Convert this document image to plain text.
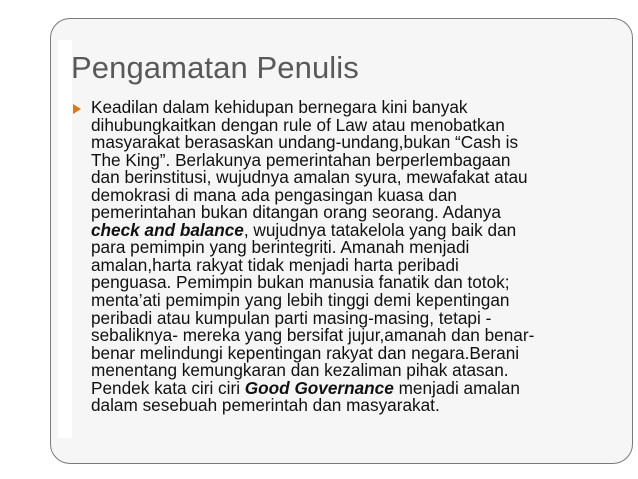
Pengamatan Penulis
Keadilan dalam kehidupan bernegara kini banyak
dihubungkaitkan dengan rule of Law atau menobatkan
masyarakat berasaskan undang-undang,bukan “Cash is
The King”. Berlakunya pemerintahan berperlembagaan
dan berinstitusi, wujudnya amalan syura, mewafakat atau
demokrasi di mana ada pengasingan kuasa dan
pemerintahan bukan ditangan orang seorang. Adanya
check and balance, wujudnya tatakelola yang baik dan
para pemimpin yang berintegriti. Amanah menjadi
amalan,harta rakyat tidak menjadi harta peribadi
penguasa. Pemimpin bukan manusia fanatik dan totok;
menta’ati pemimpin yang lebih tinggi demi kepentingan
peribadi atau kumpulan parti masing-masing, tetapi -
sebaliknya- mereka yang bersifat jujur,amanah dan benar-
benar melindungi kepentingan rakyat dan negara.Berani
menentang kemungkaran dan kezaliman pihak atasan.
Pendek kata ciri ciri Good Governance menjadi amalan
dalam sesebuah pemerintah dan masyarakat.
